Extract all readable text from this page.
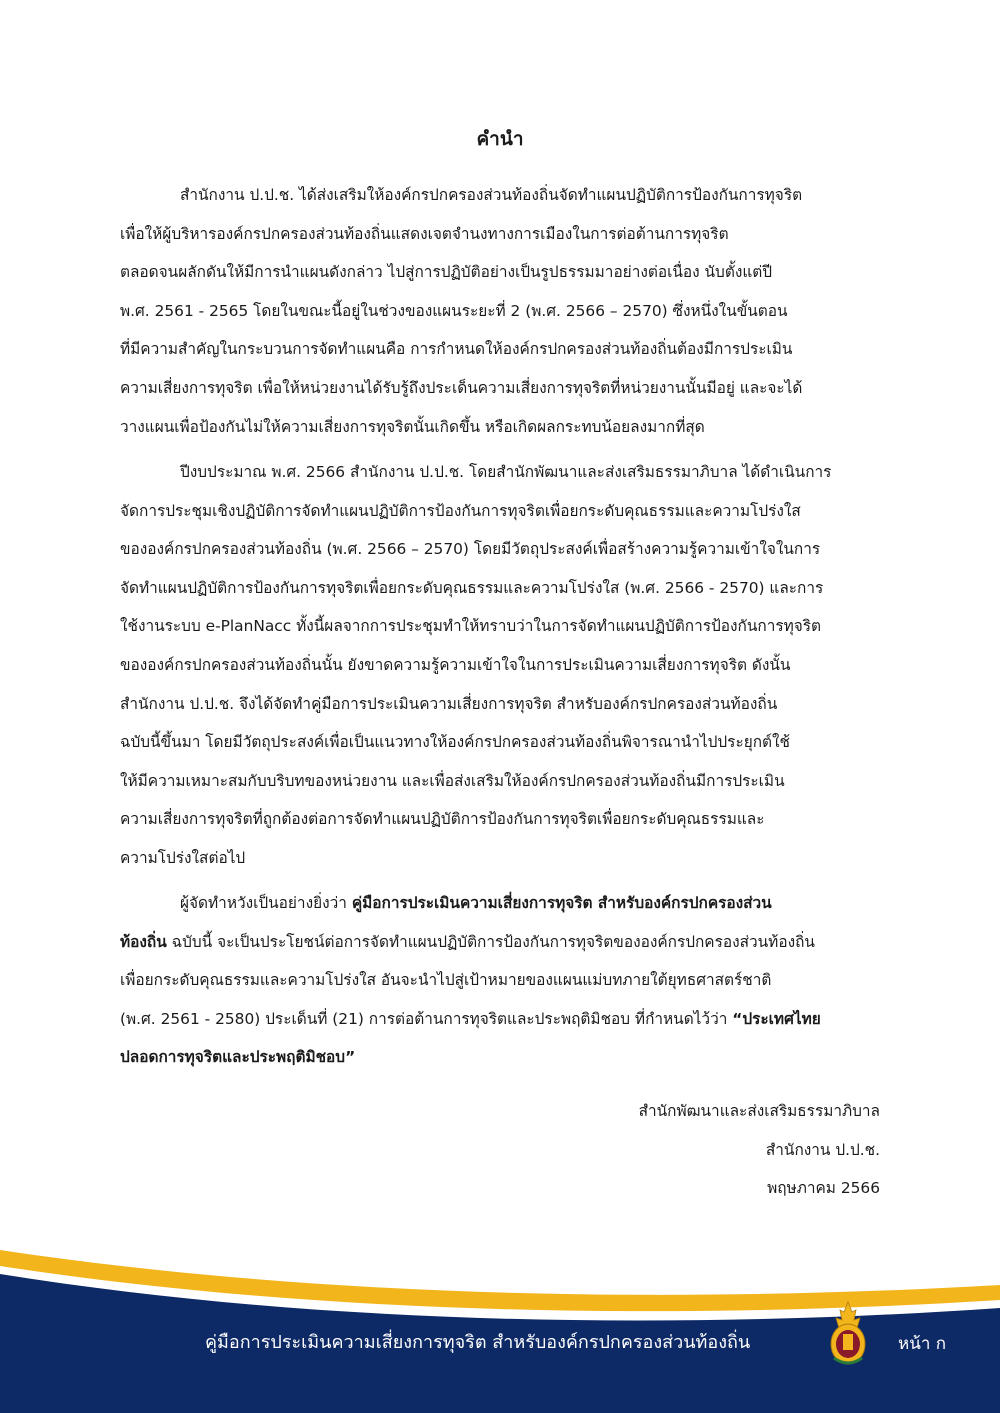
คำนำ
สำนักงาน ป.ป.ช. ได้ส่งเสริมให้องค์กรปกครองส่วนท้องถิ่นจัดทำแผนปฏิบัติการป้องกันการทุจริต
เพื่อให้ผู้บริหารองค์กรปกครองส่วนท้องถิ่นแสดงเจตจำนงทางการเมืองในการต่อต้านการทุจริต
ตลอดจนผลักดันให้มีการนำแผนดังกล่าว ไปสู่การปฏิบัติอย่างเป็นรูปธรรมมาอย่างต่อเนื่อง นับตั้งแต่ปี
พ.ศ. 2561 - 2565 โดยในขณะนี้อยู่ในช่วงของแผนระยะที่ 2 (พ.ศ. 2566 – 2570) ซึ่งหนึ่งในขั้นตอน
ที่มีความสำคัญในกระบวนการจัดทำแผนคือ การกำหนดให้องค์กรปกครองส่วนท้องถิ่นต้องมีการประเมิน
ความเสี่ยงการทุจริต เพื่อให้หน่วยงานได้รับรู้ถึงประเด็นความเสี่ยงการทุจริตที่หน่วยงานนั้นมีอยู่ และจะได้
วางแผนเพื่อป้องกันไม่ให้ความเสี่ยงการทุจริตนั้นเกิดขึ้น หรือเกิดผลกระทบน้อยลงมากที่สุด
ปีงบประมาณ พ.ศ. 2566 สำนักงาน ป.ป.ช. โดยสำนักพัฒนาและส่งเสริมธรรมาภิบาล ได้ดำเนินการ
จัดการประชุมเชิงปฏิบัติการจัดทำแผนปฏิบัติการป้องกันการทุจริตเพื่อยกระดับคุณธรรมและความโปร่งใส
ขององค์กรปกครองส่วนท้องถิ่น (พ.ศ. 2566 – 2570) โดยมีวัตถุประสงค์เพื่อสร้างความรู้ความเข้าใจในการ
จัดทำแผนปฏิบัติการป้องกันการทุจริตเพื่อยกระดับคุณธรรมและความโปร่งใส (พ.ศ. 2566 - 2570) และการ
ใช้งานระบบ e-PlanNacc ทั้งนี้ผลจากการประชุมทำให้ทราบว่าในการจัดทำแผนปฏิบัติการป้องกันการทุจริต
ขององค์กรปกครองส่วนท้องถิ่นนั้น ยังขาดความรู้ความเข้าใจในการประเมินความเสี่ยงการทุจริต ดังนั้น
สำนักงาน ป.ป.ช. จึงได้จัดทำคู่มือการประเมินความเสี่ยงการทุจริต สำหรับองค์กรปกครองส่วนท้องถิ่น
ฉบับนี้ขึ้นมา โดยมีวัตถุประสงค์เพื่อเป็นแนวทางให้องค์กรปกครองส่วนท้องถิ่นพิจารณานำไปประยุกต์ใช้
ให้มีความเหมาะสมกับบริบทของหน่วยงาน และเพื่อส่งเสริมให้องค์กรปกครองส่วนท้องถิ่นมีการประเมิน
ความเสี่ยงการทุจริตที่ถูกต้องต่อการจัดทำแผนปฏิบัติการป้องกันการทุจริตเพื่อยกระดับคุณธรรมและ
ความโปร่งใสต่อไป
ผู้จัดทำหวังเป็นอย่างยิ่งว่า คู่มือการประเมินความเสี่ยงการทุจริต สำหรับองค์กรปกครองส่วน
ท้องถิ่น ฉบับนี้ จะเป็นประโยชน์ต่อการจัดทำแผนปฏิบัติการป้องกันการทุจริตขององค์กรปกครองส่วนท้องถิ่น
เพื่อยกระดับคุณธรรมและความโปร่งใส อันจะนำไปสู่เป้าหมายของแผนแม่บทภายใต้ยุทธศาสตร์ชาติ
(พ.ศ. 2561 - 2580) ประเด็นที่ (21) การต่อต้านการทุจริตและประพฤติมิชอบ ที่กำหนดไว้ว่า “ประเทศไทย
ปลอดการทุจริตและประพฤติมิชอบ”
สำนักพัฒนาและส่งเสริมธรรมาภิบาล
สำนักงาน ป.ป.ช.
พฤษภาคม 2566
คู่มือการประเมินความเสี่ยงการทุจริต สำหรับองค์กรปกครองส่วนท้องถิ่น	หน้า ก
